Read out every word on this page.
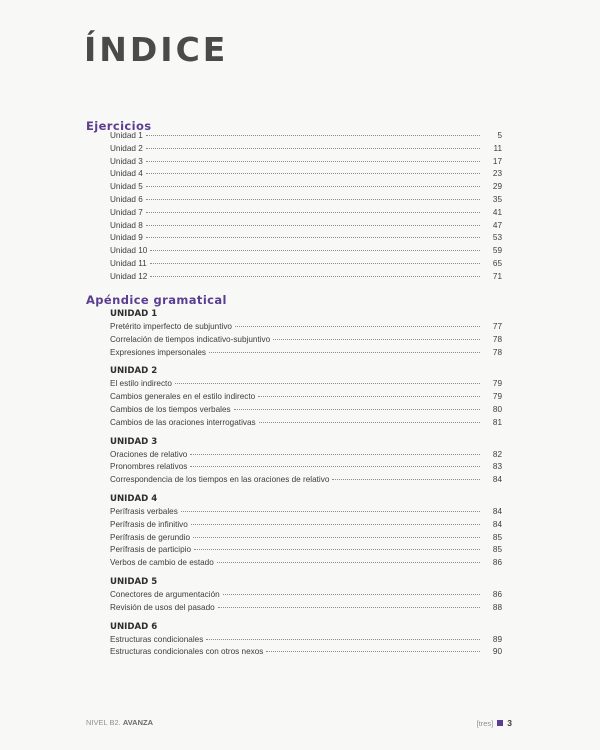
ÍNDICE
Ejercicios
Unidad 1	5
Unidad 2	11
Unidad 3	17
Unidad 4	23
Unidad 5	29
Unidad 6	35
Unidad 7	41
Unidad 8	47
Unidad 9	53
Unidad 10	59
Unidad 11	65
Unidad 12	71
Apéndice gramatical
UNIDAD 1
Pretérito imperfecto de subjuntivo	77
Correlación de tiempos indicativo-subjuntivo	78
Expresiones impersonales	78
UNIDAD 2
El estilo indirecto	79
Cambios generales en el estilo indirecto	79
Cambios de los tiempos verbales	80
Cambios de las oraciones interrogativas	81
UNIDAD 3
Oraciones de relativo	82
Pronombres relativos	83
Correspondencia de los tiempos en las oraciones de relativo	84
UNIDAD 4
Perífrasis verbales	84
Perífrasis de infinitivo	84
Perífrasis de gerundio	85
Perífrasis de participio	85
Verbos de cambio de estado	86
UNIDAD 5
Conectores de argumentación	86
Revisión de usos del pasado	88
UNIDAD 6
Estructuras condicionales	89
Estructuras condicionales con otros nexos	90
NIVEL B2. AVANZA	[tres] 3
